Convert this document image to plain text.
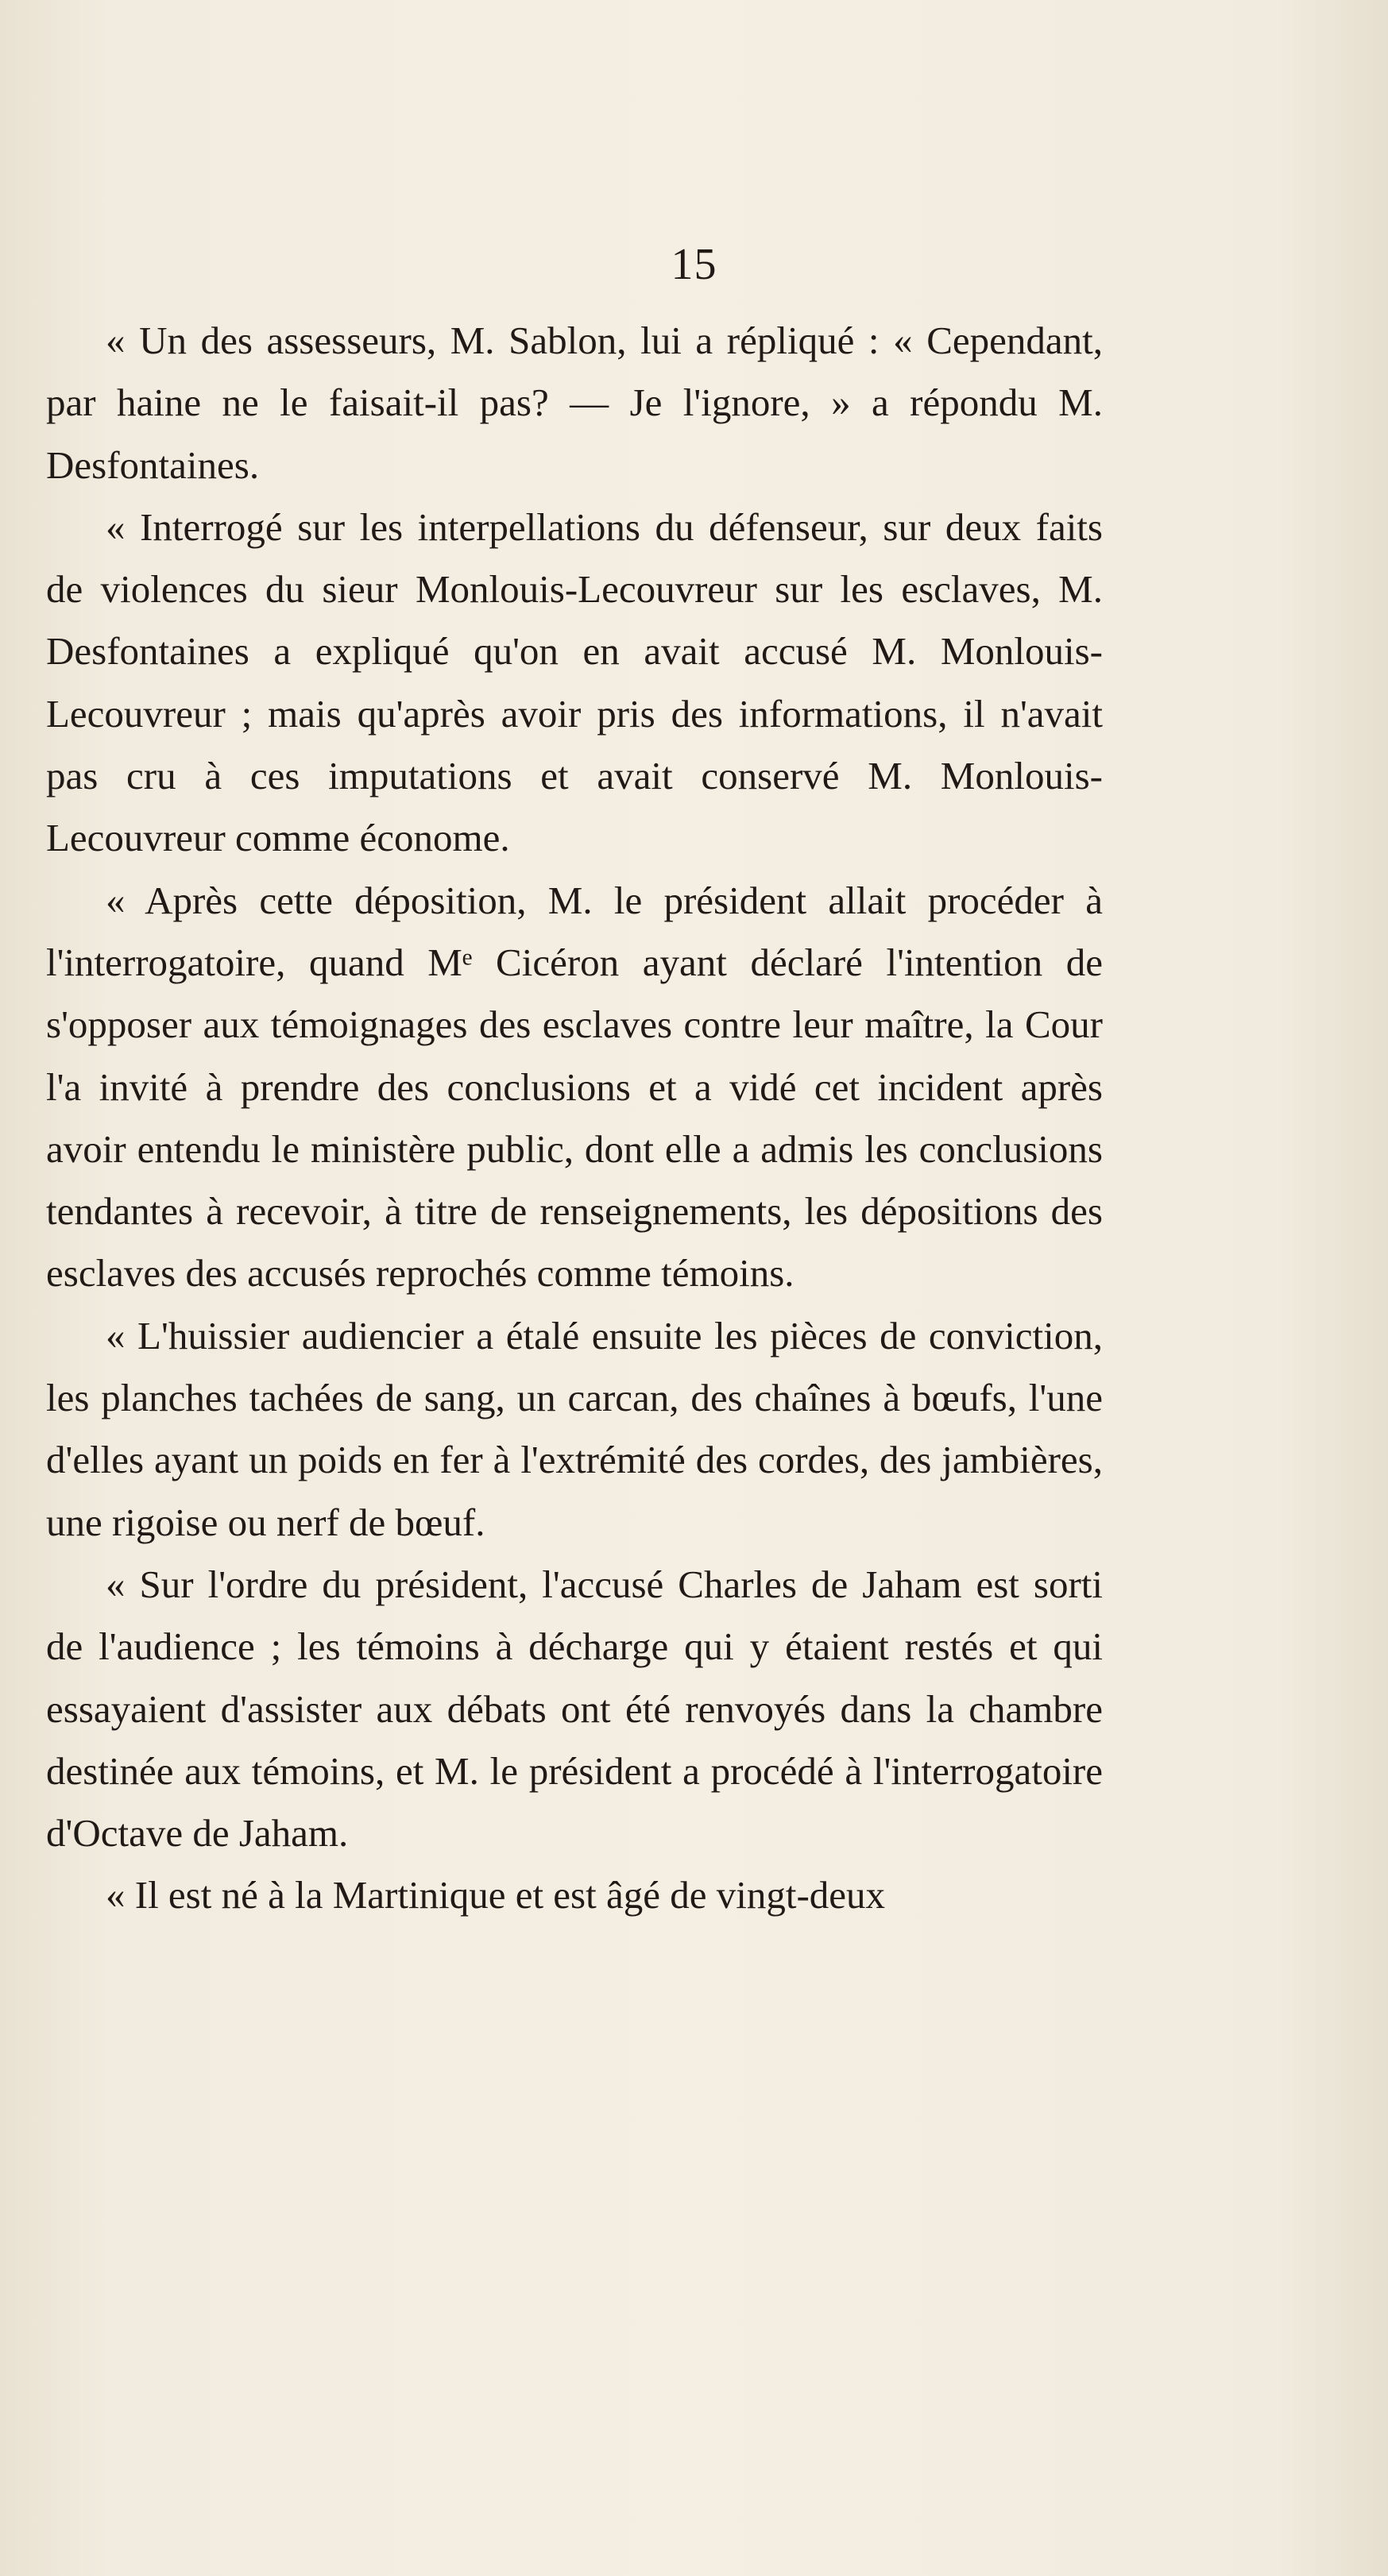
15

« Un des assesseurs, M. Sablon, lui a répliqué : « Cependant, par haine ne le faisait-il pas? — Je l'ignore, » a répondu M. Desfontaines.

« Interrogé sur les interpellations du défenseur, sur deux faits de violences du sieur Monlouis-Lecouvreur sur les esclaves, M. Desfontaines a expliqué qu'on en avait accusé M. Monlouis-Lecouvreur ; mais qu'après avoir pris des informations, il n'avait pas cru à ces imputations et avait conservé M. Monlouis-Lecouvreur comme économe.

« Après cette déposition, M. le président allait procéder à l'interrogatoire, quand Mᵉ Cicéron ayant déclaré l'intention de s'opposer aux témoignages des esclaves contre leur maître, la Cour l'a invité à prendre des conclusions et a vidé cet incident après avoir entendu le ministère public, dont elle a admis les conclusions tendantes à recevoir, à titre de renseignements, les dépositions des esclaves des accusés reprochés comme témoins.

« L'huissier audiencier a étalé ensuite les pièces de conviction, les planches tachées de sang, un carcan, des chaînes à bœufs, l'une d'elles ayant un poids en fer à l'extrémité des cordes, des jambières, une rigoise ou nerf de bœuf.

« Sur l'ordre du président, l'accusé Charles de Jaham est sorti de l'audience ; les témoins à décharge qui y étaient restés et qui essayaient d'assister aux débats ont été renvoyés dans la chambre destinée aux témoins, et M. le président a procédé à l'interrogatoire d'Octave de Jaham.

« Il est né à la Martinique et est âgé de vingt-deux
